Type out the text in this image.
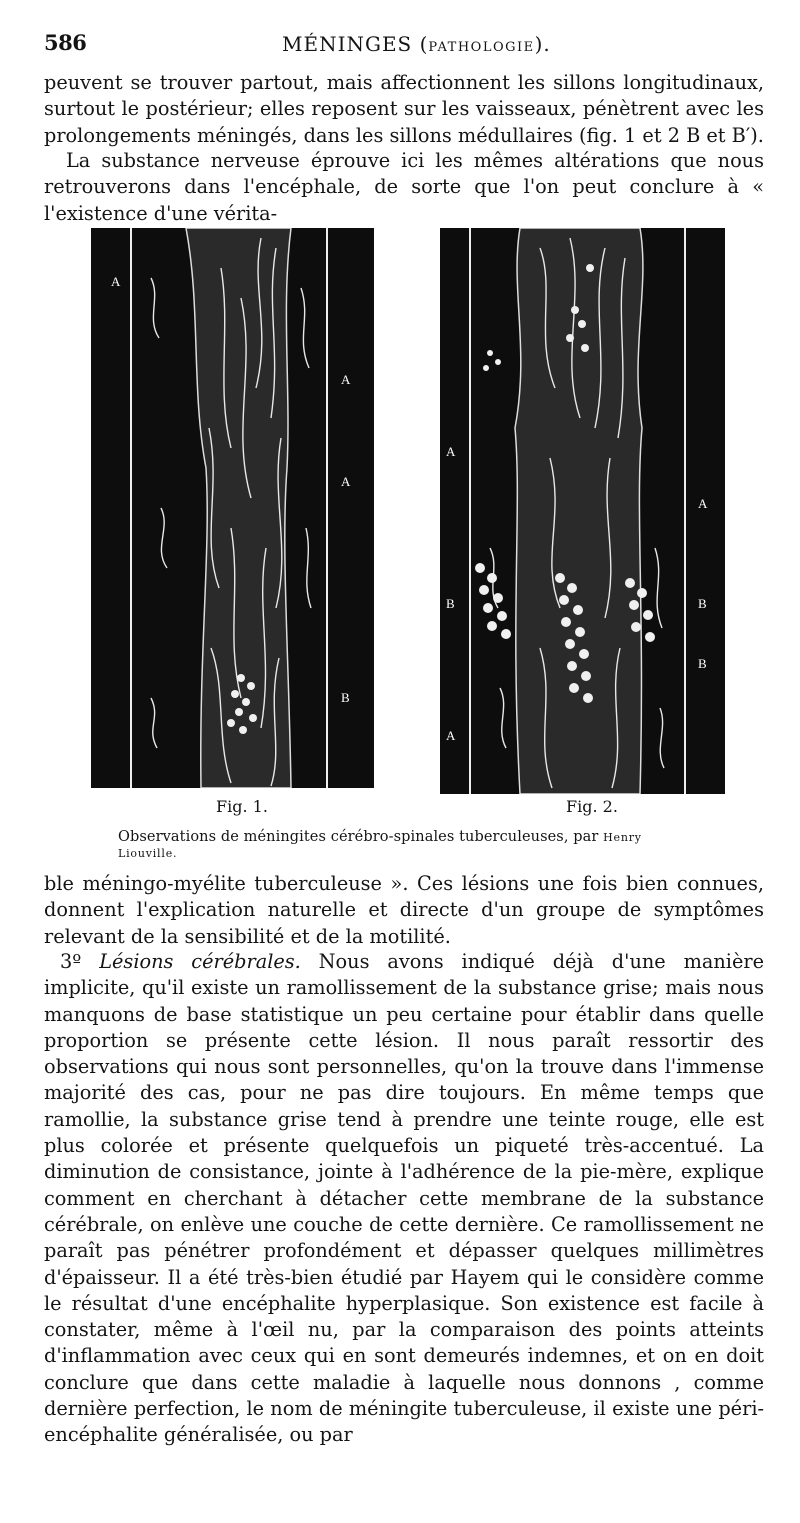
586	MÉNINGES (PATHOLOGIE).

peuvent se trouver partout, mais affectionnent les sillons longitudinaux, surtout le postérieur; elles reposent sur les vaisseaux, pénètrent avec les prolongements méningés, dans les sillons médullaires (fig. 1 et 2 B et B′).

La substance nerveuse éprouve ici les mêmes altérations que nous retrouverons dans l'encéphale, de sorte que l'on peut conclure à « l'existence d'une vérita-

A
A
A
B
A
B
A
A
B
B
Fig. 1.	Fig. 2.
Observations de méningites cérébro-spinales tuberculeuses, par Henry Liouville.

ble méningo-myélite tuberculeuse ». Ces lésions une fois bien connues, donnent l'explication naturelle et directe d'un groupe de symptômes relevant de la sensibilité et de la motilité.

3º Lésions cérébrales. Nous avons indiqué déjà d'une manière implicite, qu'il existe un ramollissement de la substance grise; mais nous manquons de base statistique un peu certaine pour établir dans quelle proportion se présente cette lésion. Il nous paraît ressortir des observations qui nous sont personnelles, qu'on la trouve dans l'immense majorité des cas, pour ne pas dire toujours. En même temps que ramollie, la substance grise tend à prendre une teinte rouge, elle est plus colorée et présente quelquefois un piqueté très-accentué. La diminution de consistance, jointe à l'adhérence de la pie-mère, explique comment en cherchant à détacher cette membrane de la substance cérébrale, on enlève une couche de cette dernière. Ce ramollissement ne paraît pas pénétrer profondément et dépasser quelques millimètres d'épaisseur. Il a été très-bien étudié par Hayem qui le considère comme le résultat d'une encéphalite hyperplasique. Son existence est facile à constater, même à l'œil nu, par la comparaison des points atteints d'inflammation avec ceux qui en sont demeurés indemnes, et on en doit conclure que dans cette maladie à laquelle nous donnons , comme dernière perfection, le nom de méningite tuberculeuse, il existe une péri-encéphalite généralisée, ou par
